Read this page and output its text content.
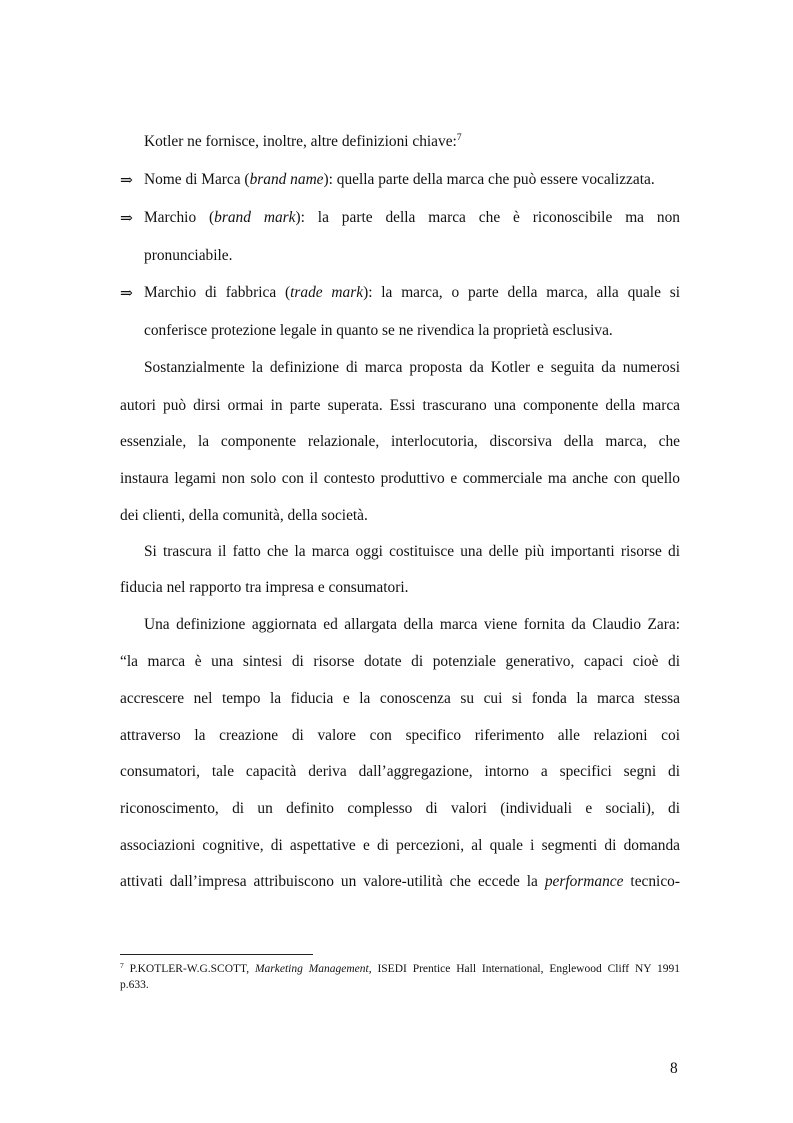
Kotler ne fornisce, inoltre, altre definizioni chiave:$^7$
⇒ Nome di Marca (brand name): quella parte della marca che può essere vocalizzata.
⇒ Marchio (brand mark): la parte della marca che è riconoscibile ma non
pronunciabile.
⇒ Marchio di fabbrica (trade mark): la marca, o parte della marca, alla quale si
conferisce protezione legale in quanto se ne rivendica la proprietà esclusiva.
Sostanzialmente la definizione di marca proposta da Kotler e seguita da numerosi
autori può dirsi ormai in parte superata. Essi trascurano una componente della marca
essenziale, la componente relazionale, interlocutoria, discorsiva della marca, che
instaura legami non solo con il contesto produttivo e commerciale ma anche con quello
dei clienti, della comunità, della società.
Si trascura il fatto che la marca oggi costituisce una delle più importanti risorse di
fiducia nel rapporto tra impresa e consumatori.
Una definizione aggiornata ed allargata della marca viene fornita da Claudio Zara:
“la marca è una sintesi di risorse dotate di potenziale generativo, capaci cioè di
accrescere nel tempo la fiducia e la conoscenza su cui si fonda la marca stessa
attraverso la creazione di valore con specifico riferimento alle relazioni coi
consumatori, tale capacità deriva dall’aggregazione, intorno a specifici segni di
riconoscimento, di un definito complesso di valori (individuali e sociali), di
associazioni cognitive, di aspettative e di percezioni, al quale i segmenti di domanda
attivati dall’impresa attribuiscono un valore-utilità che eccede la performance tecnico-
$^7$ P.KOTLER-W.G.SCOTT, Marketing Management, ISEDI Prentice Hall International, Englewood Cliff NY 1991
p.633.
8
